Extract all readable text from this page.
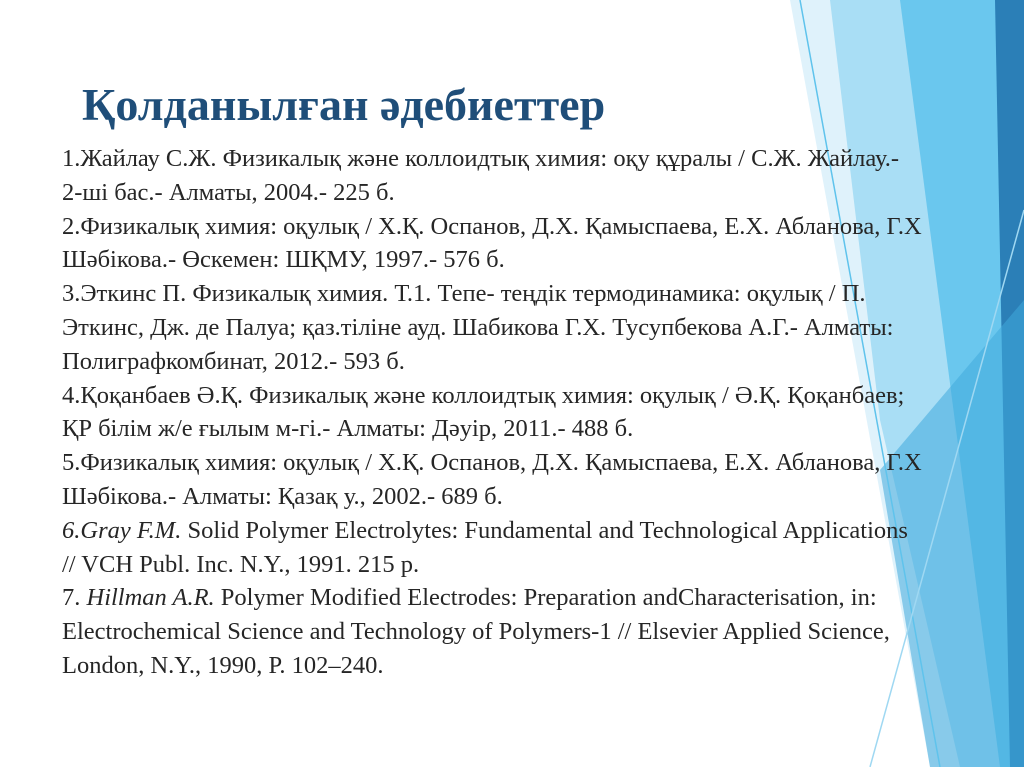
Қолданылған әдебиеттер
1.Жайлау С.Ж. Физикалық және коллоидтық химия: оқу құралы / С.Ж. Жайлау.- 2-ші бас.- Алматы, 2004.- 225 б.
2.Физикалық химия: оқулық / Х.Қ. Оспанов, Д.Х. Қамыспаева, Е.Х. Абланова, Г.Х Шәбікова.- Өскемен: ШҚМУ, 1997.- 576 б.
3.Эткинс П. Физикалық химия. Т.1. Тепе- теңдік термодинамика: оқулық / П. Эткинс, Дж. де Палуа; қаз.тіліне ауд. Шабикова Г.Х. Тусупбекова А.Г.- Алматы: Полиграфкомбинат, 2012.- 593 б.
4.Қоқанбаев Ә.Қ. Физикалық және коллоидтық химия: оқулық / Ә.Қ. Қоқанбаев; ҚР білім ж/е ғылым м-гі.- Алматы: Дәуір, 2011.- 488 б.
5.Физикалық химия: оқулық / Х.Қ. Оспанов, Д.Х. Қамыспаева, Е.Х. Абланова, Г.Х Шәбікова.- Алматы: Қазақ у., 2002.- 689 б.
6.Gray F.M. Solid Polymer Electrolytes: Fundamental and Technological Applications // VCH Publ. Inc. N.Y., 1991. 215 p.
7. Hillman A.R. Polymer Modified Electrodes: Preparation andCharacterisation, in: Electrochemical Science and Technology of Polymers-1 // Elsevier Applied Science, London, N.Y., 1990, P. 102–240.
